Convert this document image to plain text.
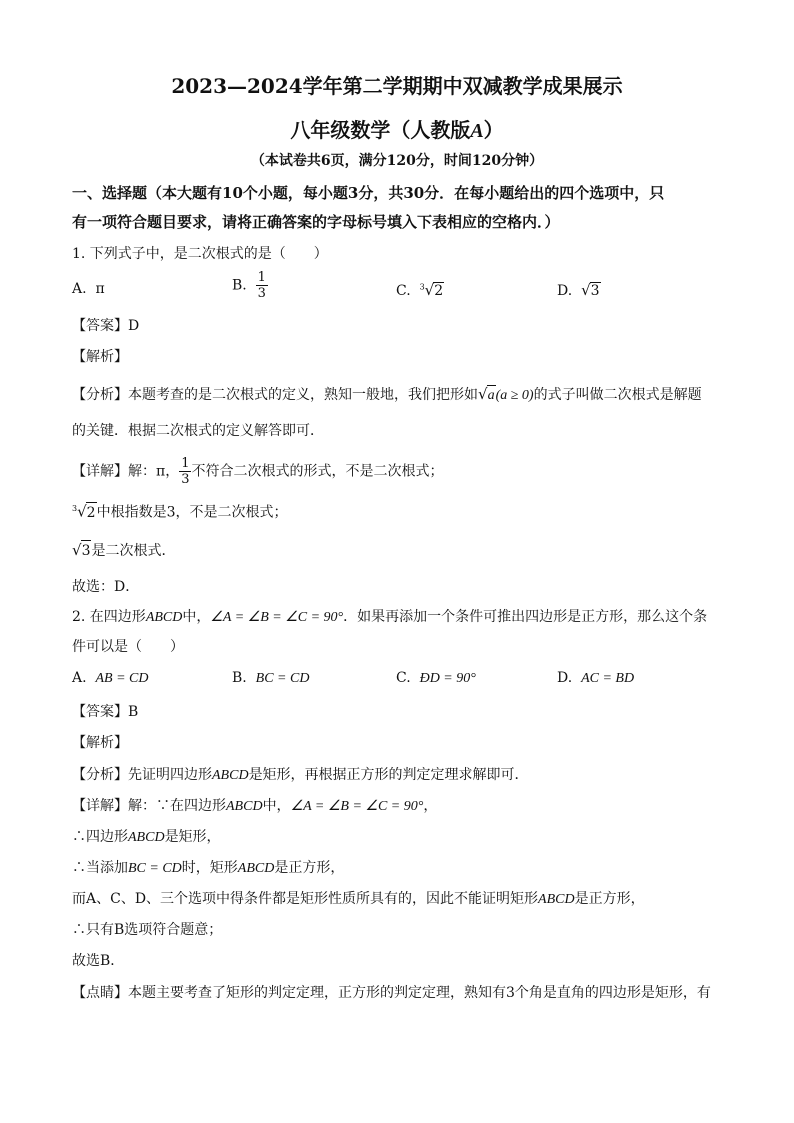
2023—2024学年第二学期期中双减教学成果展示
八年级数学（人教版A）
（本试卷共6页，满分120分，时间120分钟）
一、选择题（本大题有10个小题，每小题3分，共30分．在每小题给出的四个选项中，只
有一项符合题目要求，请将正确答案的字母标号填入下表相应的空格内．）
1. 下列式子中，是二次根式的是（　　）
A. π	B. $\frac{1}{3}$	C. $^3$√2	D. √3
【答案】D
【解析】
【分析】本题考查的是二次根式的定义，熟知一般地，我们把形如√a(a ≥ 0)的式子叫做二次根式是解题
的关键．根据二次根式的定义解答即可．
【详解】解：π， $\frac{1}{3}$ 不符合二次根式的形式，不是二次根式；
$^3$√2中根指数是3，不是二次根式；
√3是二次根式．
故选：D．
2. 在四边形ABCD中，∠A = ∠B = ∠C = 90°．如果再添加一个条件可推出四边形是正方形，那么这个条
件可以是（　　）
A. AB = CD	B. BC = CD	C. ÐD = 90°	D. AC = BD
【答案】B
【解析】
【分析】先证明四边形ABCD是矩形，再根据正方形的判定定理求解即可．
【详解】解：∵在四边形ABCD中，∠A = ∠B = ∠C = 90°，
∴四边形ABCD是矩形，
∴当添加BC = CD时，矩形ABCD是正方形，
而A、C、D、三个选项中得条件都是矩形性质所具有的，因此不能证明矩形ABCD是正方形，
∴只有B选项符合题意；
故选B．
【点睛】本题主要考查了矩形的判定定理，正方形的判定定理，熟知有3个角是直角的四边形是矩形，有
